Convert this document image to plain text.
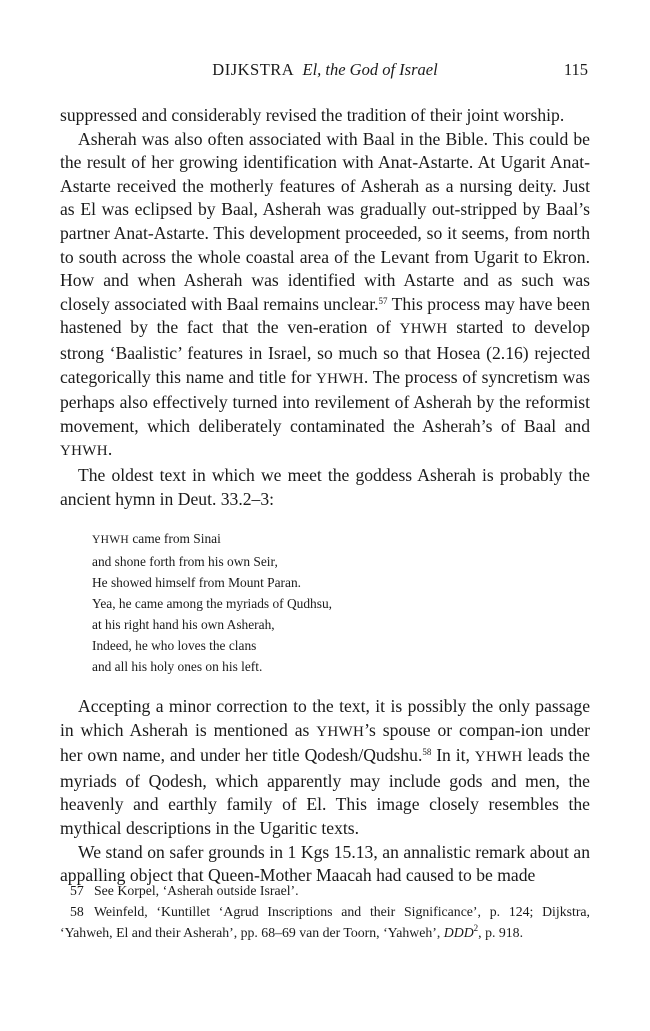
DIJKSTRA El, the God of Israel	115

suppressed and considerably revised the tradition of their joint worship.

Asherah was also often associated with Baal in the Bible. This could be the result of her growing identification with Anat-Astarte. At Ugarit Anat-Astarte received the motherly features of Asherah as a nursing deity. Just as El was eclipsed by Baal, Asherah was gradually out-stripped by Baal’s partner Anat-Astarte. This development proceeded, so it seems, from north to south across the whole coastal area of the Levant from Ugarit to Ekron. How and when Asherah was identified with Astarte and as such was closely associated with Baal remains unclear.$^{57}$ This process may have been hastened by the fact that the ven-eration of YHWH started to develop strong ‘Baalistic’ features in Israel, so much so that Hosea (2.16) rejected categorically this name and title for YHWH. The process of syncretism was perhaps also effectively turned into revilement of Asherah by the reformist movement, which deliberately contaminated the Asherah’s of Baal and YHWH.

The oldest text in which we meet the goddess Asherah is probably the ancient hymn in Deut. 33.2–3:

YHWH came from Sinai
and shone forth from his own Seir,
He showed himself from Mount Paran.
Yea, he came among the myriads of Qudhsu,
at his right hand his own Asherah,
Indeed, he who loves the clans
and all his holy ones on his left.

Accepting a minor correction to the text, it is possibly the only passage in which Asherah is mentioned as YHWH’s spouse or compan-ion under her own name, and under her title Qodesh/Qudshu.$^{58}$ In it, YHWH leads the myriads of Qodesh, which apparently may include gods and men, the heavenly and earthly family of El. This image closely resembles the mythical descriptions in the Ugaritic texts.

We stand on safer grounds in 1 Kgs 15.13, an annalistic remark about an appalling object that Queen-Mother Maacah had caused to be made

57 See Korpel, ‘Asherah outside Israel’.

58 Weinfeld, ‘Kuntillet ‘Agrud Inscriptions and their Significance’, p. 124; Dijkstra, ‘Yahweh, El and their Asherah’, pp. 68–69 van der Toorn, ‘Yahweh’, DDD$^2$, p. 918.
